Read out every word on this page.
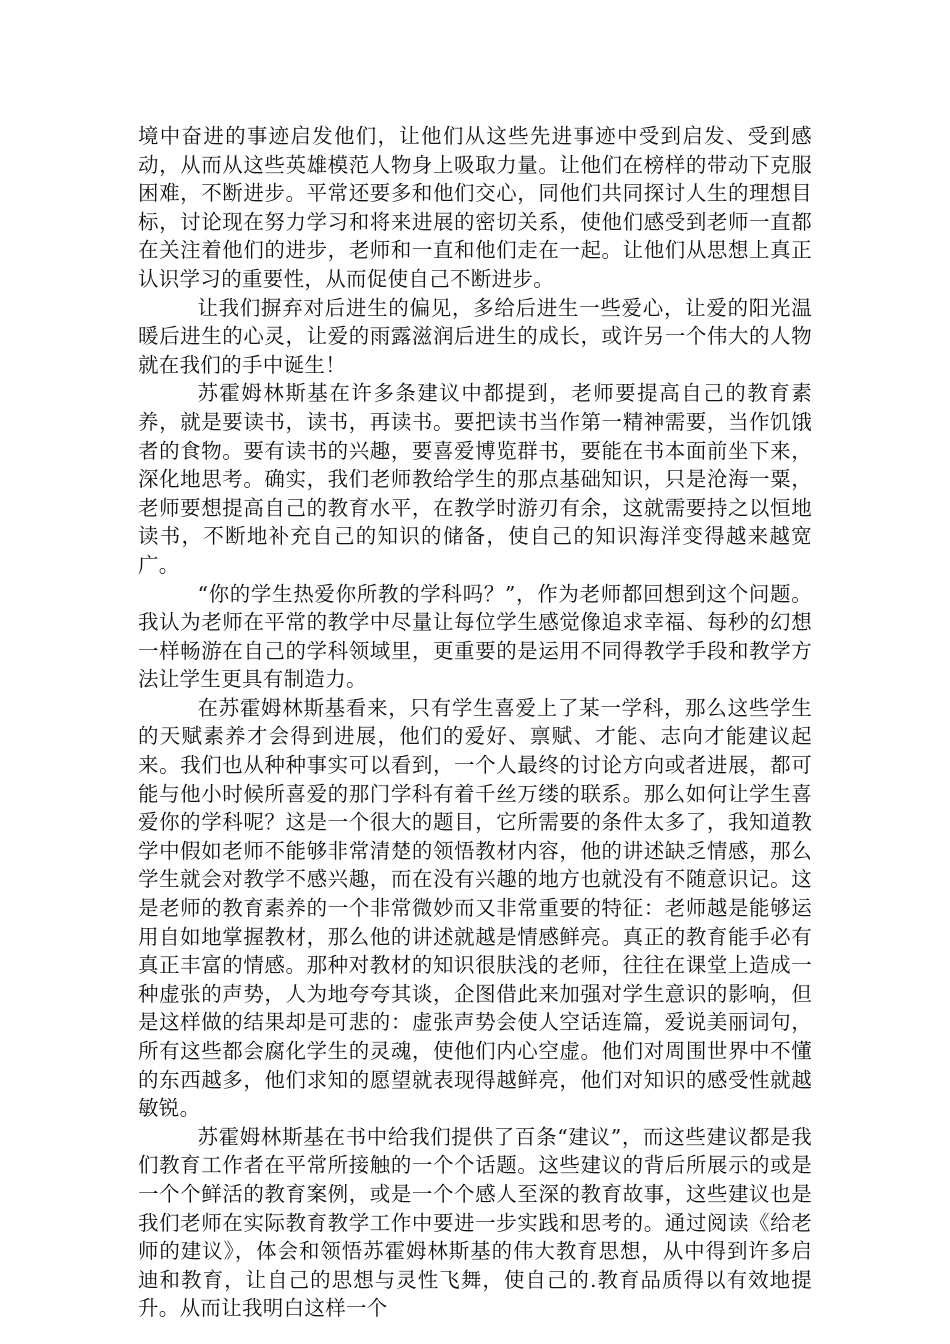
境中奋进的事迹启发他们，让他们从这些先进事迹中受到启发、受到感动，从而从这些英雄模范人物身上吸取力量。让他们在榜样的带动下克服困难，不断进步。平常还要多和他们交心，同他们共同探讨人生的理想目标，讨论现在努力学习和将来进展的密切关系，使他们感受到老师一直都在关注着他们的进步，老师和一直和他们走在一起。让他们从思想上真正认识学习的重要性，从而促使自己不断进步。

让我们摒弃对后进生的偏见，多给后进生一些爱心，让爱的阳光温暖后进生的心灵，让爱的雨露滋润后进生的成长，或许另一个伟大的人物就在我们的手中诞生！

苏霍姆林斯基在许多条建议中都提到，老师要提高自己的教育素养，就是要读书，读书，再读书。要把读书当作第一精神需要，当作饥饿者的食物。要有读书的兴趣，要喜爱博览群书，要能在书本面前坐下来，深化地思考。确实，我们老师教给学生的那点基础知识，只是沧海一粟，老师要想提高自己的教育水平，在教学时游刃有余，这就需要持之以恒地读书，不断地补充自己的知识的储备，使自己的知识海洋变得越来越宽广。

“你的学生热爱你所教的学科吗？”，作为老师都回想到这个问题。我认为老师在平常的教学中尽量让每位学生感觉像追求幸福、每秒的幻想一样畅游在自己的学科领域里，更重要的是运用不同得教学手段和教学方法让学生更具有制造力。

在苏霍姆林斯基看来，只有学生喜爱上了某一学科，那么这些学生的天赋素养才会得到进展，他们的爱好、禀赋、才能、志向才能建议起来。我们也从种种事实可以看到，一个人最终的讨论方向或者进展，都可能与他小时候所喜爱的那门学科有着千丝万缕的联系。那么如何让学生喜爱你的学科呢？这是一个很大的题目，它所需要的条件太多了，我知道教学中假如老师不能够非常清楚的领悟教材内容，他的讲述缺乏情感，那么学生就会对教学不感兴趣，而在没有兴趣的地方也就没有不随意识记。这是老师的教育素养的一个非常微妙而又非常重要的特征：老师越是能够运用自如地掌握教材，那么他的讲述就越是情感鲜亮。真正的教育能手必有真正丰富的情感。那种对教材的知识很肤浅的老师，往往在课堂上造成一种虚张的声势，人为地夸夸其谈，企图借此来加强对学生意识的影响，但是这样做的结果却是可悲的：虚张声势会使人空话连篇，爱说美丽词句，所有这些都会腐化学生的灵魂，使他们内心空虚。他们对周围世界中不懂的东西越多，他们求知的愿望就表现得越鲜亮，他们对知识的感受性就越敏锐。

苏霍姆林斯基在书中给我们提供了百条“建议”，而这些建议都是我们教育工作者在平常所接触的一个个话题。这些建议的背后所展示的或是一个个鲜活的教育案例，或是一个个感人至深的教育故事，这些建议也是我们老师在实际教育教学工作中要进一步实践和思考的。通过阅读《给老师的建议》，体会和领悟苏霍姆林斯基的伟大教育思想，从中得到许多启迪和教育，让自己的思想与灵性飞舞，使自己的.教育品质得以有效地提升。从而让我明白这样一个
